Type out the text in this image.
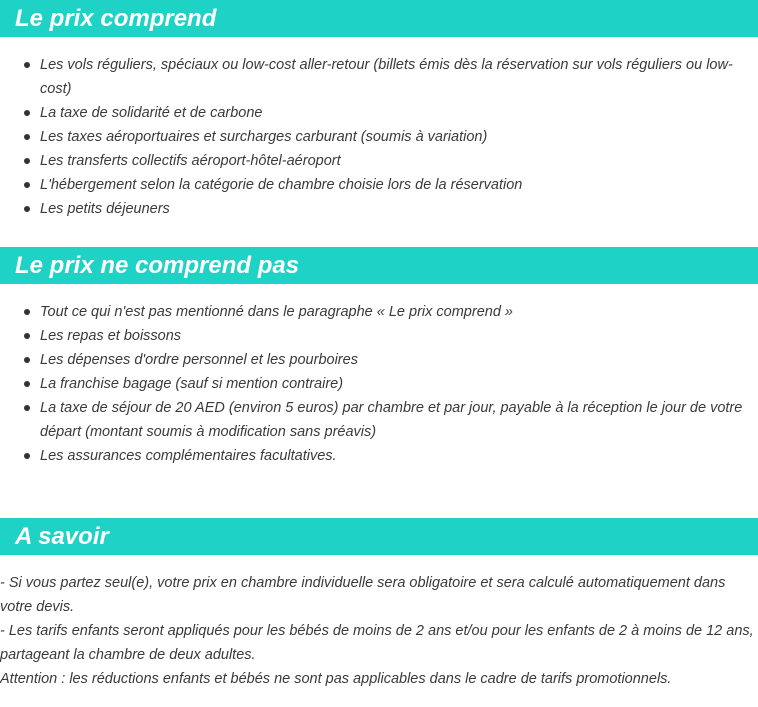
Le prix comprend
Les vols réguliers, spéciaux ou low-cost aller-retour (billets émis dès la réservation sur vols réguliers ou low-cost)
La taxe de solidarité et de carbone
Les taxes aéroportuaires et surcharges carburant (soumis à variation)
Les transferts collectifs aéroport-hôtel-aéroport
L'hébergement selon la catégorie de chambre choisie lors de la réservation
Les petits déjeuners
Le prix ne comprend pas
Tout ce qui n'est pas mentionné dans le paragraphe « Le prix comprend »
Les repas et boissons
Les dépenses d'ordre personnel et les pourboires
La franchise bagage (sauf si mention contraire)
La taxe de séjour de 20 AED (environ 5 euros) par chambre et par jour, payable à la réception le jour de votre départ (montant soumis à modification sans préavis)
Les assurances complémentaires facultatives.
A savoir

- Si vous partez seul(e), votre prix en chambre individuelle sera obligatoire et sera calculé automatiquement dans votre devis.

- Les tarifs enfants seront appliqués pour les bébés de moins de 2 ans et/ou pour les enfants de 2 à moins de 12 ans, partageant la chambre de deux adultes.

Attention : les réductions enfants et bébés ne sont pas applicables dans le cadre de tarifs promotionnels.
